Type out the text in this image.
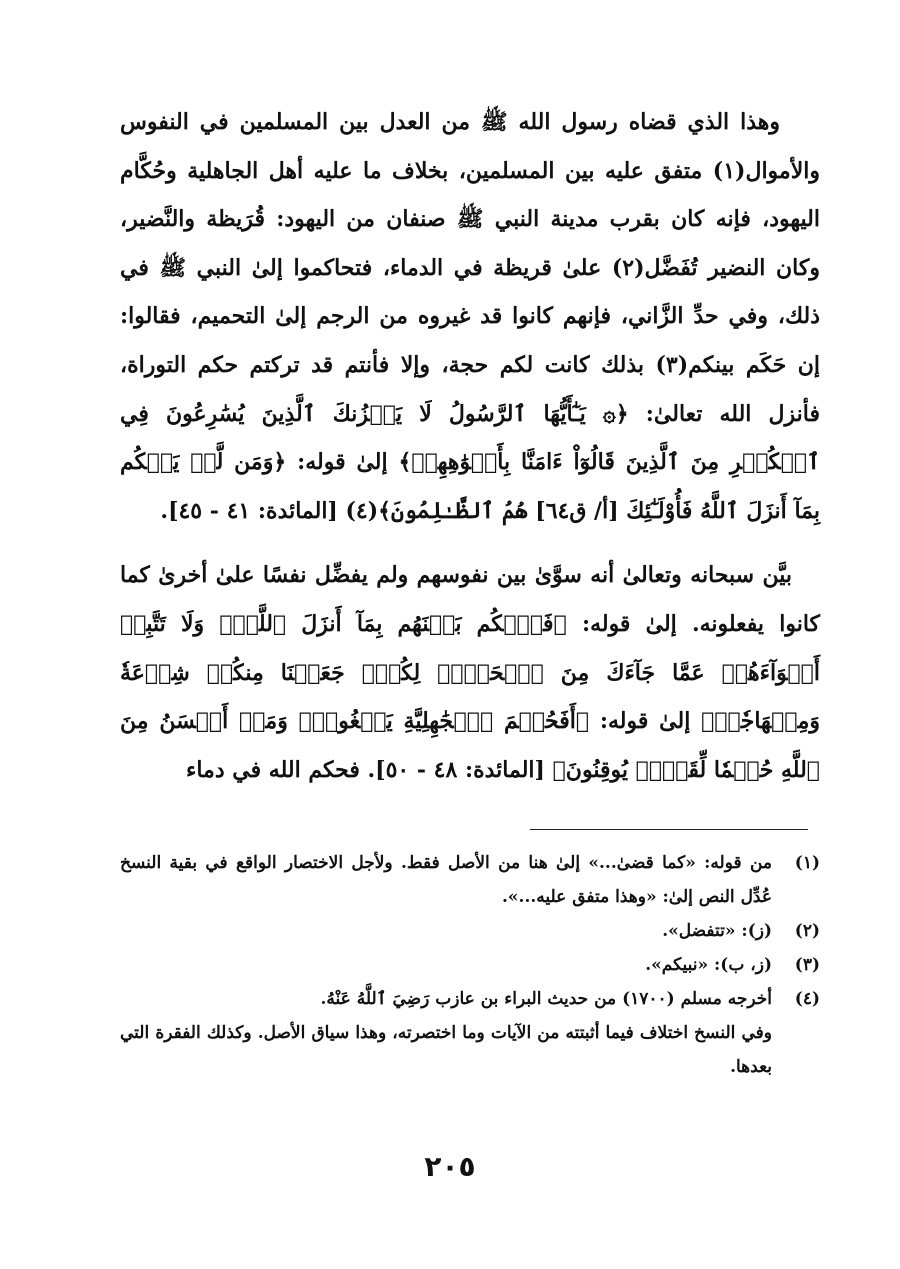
وهذا الذي قضاه رسول الله ﷺ من العدل بين المسلمين في النفوس والأموال(١) متفق عليه بين المسلمين، بخلاف ما عليه أهل الجاهلية وحُكَّام اليهود، فإنه كان بقرب مدينة النبي ﷺ صنفان من اليهود: قُرَيظة والنَّضير، وكان النضير تُفَضَّل(٢) علىٰ قريظة في الدماء، فتحاكموا إلىٰ النبي ﷺ في ذلك، وفي حدِّ الزَّاني، فإنهم كانوا قد غيروه من الرجم إلىٰ التحميم، فقالوا: إن حَكَم بينكم(٣) بذلك كانت لكم حجة، وإلا فأنتم قد تركتم حكم التوراة، فأنزل الله تعالىٰ: ﴿۞ يَـٰٓأَيُّهَا ٱلرَّسُولُ لَا يَحۡزُنكَ ٱلَّذِينَ يُسَٰرِعُونَ فِي ٱلۡكُفۡرِ مِنَ ٱلَّذِينَ قَالُوٓاْ ءَامَنَّا بِأَفۡوَٰهِهِمۡ﴾ إلىٰ قوله: ﴿وَمَن لَّمۡ يَحۡكُم بِمَآ أَنزَلَ ٱللَّهُ فَأُوْلَـٰٓئِكَ [أ/ ق٦٤] هُمُ ٱلظَّـٰلِمُونَ﴾(٤) [المائدة: ٤١ - ٤٥].

بيَّن سبحانه وتعالىٰ أنه سوَّىٰ بين نفوسهم ولم يفضِّل نفسًا علىٰ أخرىٰ كما كانوا يفعلونه. إلىٰ قوله: ﴿فَٱحۡكُم بَيۡنَهُم بِمَآ أَنزَلَ ٱللَّهُۖ وَلَا تَتَّبِعۡ أَهۡوَآءَهُمۡ عَمَّا جَآءَكَ مِنَ ٱلۡحَقِّۚ لِكُلّٖ جَعَلۡنَا مِنكُمۡ شِرۡعَةٗ وَمِنۡهَاجٗاۚ﴾ إلىٰ قوله: ﴿أَفَحُكۡمَ ٱلۡجَٰهِلِيَّةِ يَبۡغُونَۚ وَمَنۡ أَحۡسَنُ مِنَ ٱللَّهِ حُكۡمٗا لِّقَوۡمٖ يُوقِنُونَ﴾ [المائدة: ٤٨ - ٥٠]. فحكم الله في دماء

(١)
من قوله: «كما قضىٰ...» إلىٰ هنا من الأصل فقط. ولأجل الاختصار الواقع في بقية النسخ عُدِّل النص إلىٰ: «وهذا متفق عليه...».
(٢)
(ز): «تتفضل».
(٣)
(ز، ب): «نبيكم».
(٤)
أخرجه مسلم (١٧٠٠) من حديث البراء بن عازب رَضِيَ ٱللَّهُ عَنْهُ.
وفي النسخ اختلاف فيما أثبتته من الآيات وما اختصرته، وهذا سياق الأصل. وكذلك الفقرة التي بعدها.
٢٠٥
